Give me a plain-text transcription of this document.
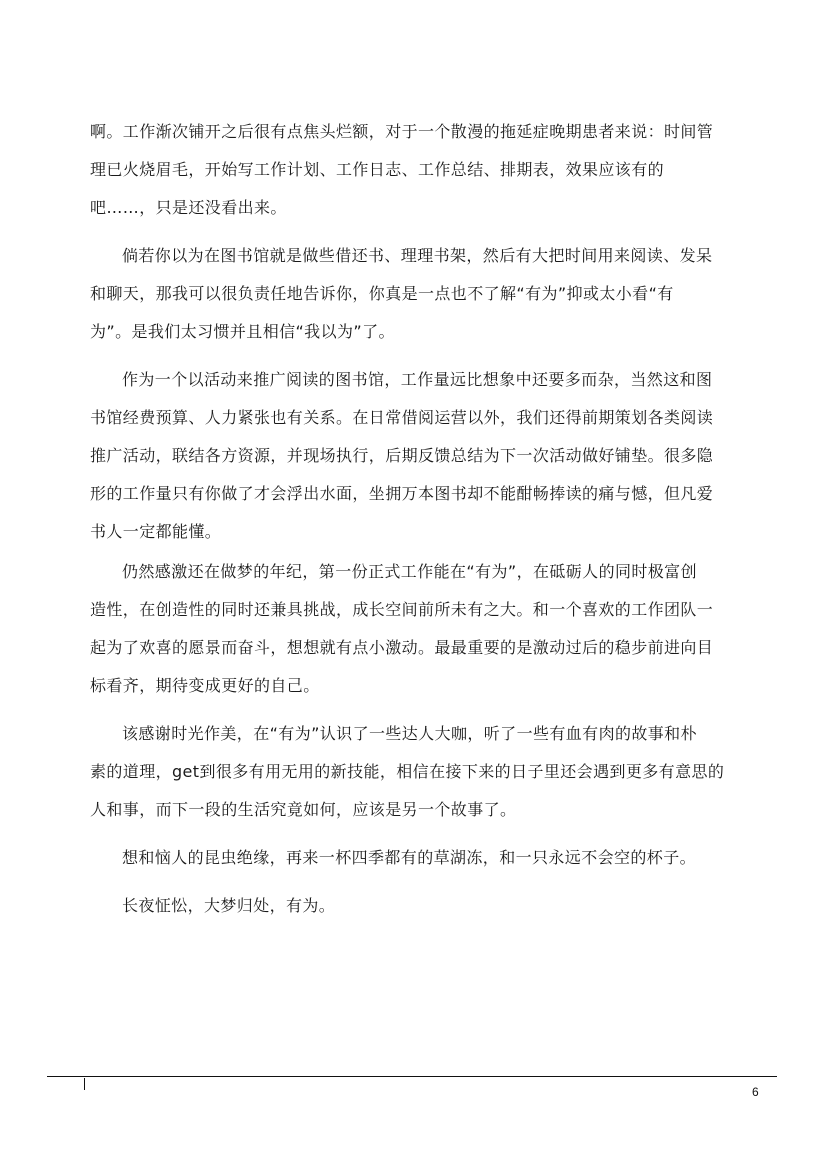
啊。工作渐次铺开之后很有点焦头烂额，对于一个散漫的拖延症晚期患者来说：时间管
理已火烧眉毛，开始写工作计划、工作日志、工作总结、排期表，效果应该有的
吧……，只是还没看出来。
倘若你以为在图书馆就是做些借还书、理理书架，然后有大把时间用来阅读、发呆
和聊天，那我可以很负责任地告诉你，你真是一点也不了解“有为”抑或太小看“有
为”。是我们太习惯并且相信“我以为”了。
作为一个以活动来推广阅读的图书馆，工作量远比想象中还要多而杂，当然这和图
书馆经费预算、人力紧张也有关系。在日常借阅运营以外，我们还得前期策划各类阅读
推广活动，联结各方资源，并现场执行，后期反馈总结为下一次活动做好铺垫。很多隐
形的工作量只有你做了才会浮出水面，坐拥万本图书却不能酣畅捧读的痛与憾，但凡爱
书人一定都能懂。
仍然感激还在做梦的年纪，第一份正式工作能在“有为”，在砥砺人的同时极富创
造性，在创造性的同时还兼具挑战，成长空间前所未有之大。和一个喜欢的工作团队一
起为了欢喜的愿景而奋斗，想想就有点小激动。最最重要的是激动过后的稳步前进向目
标看齐，期待变成更好的自己。
该感谢时光作美，在“有为”认识了一些达人大咖，听了一些有血有肉的故事和朴
素的道理，get到很多有用无用的新技能，相信在接下来的日子里还会遇到更多有意思的
人和事，而下一段的生活究竟如何，应该是另一个故事了。
想和恼人的昆虫绝缘，再来一杯四季都有的草湖冻，和一只永远不会空的杯子。
长夜怔忪，大梦归处，有为。
6
